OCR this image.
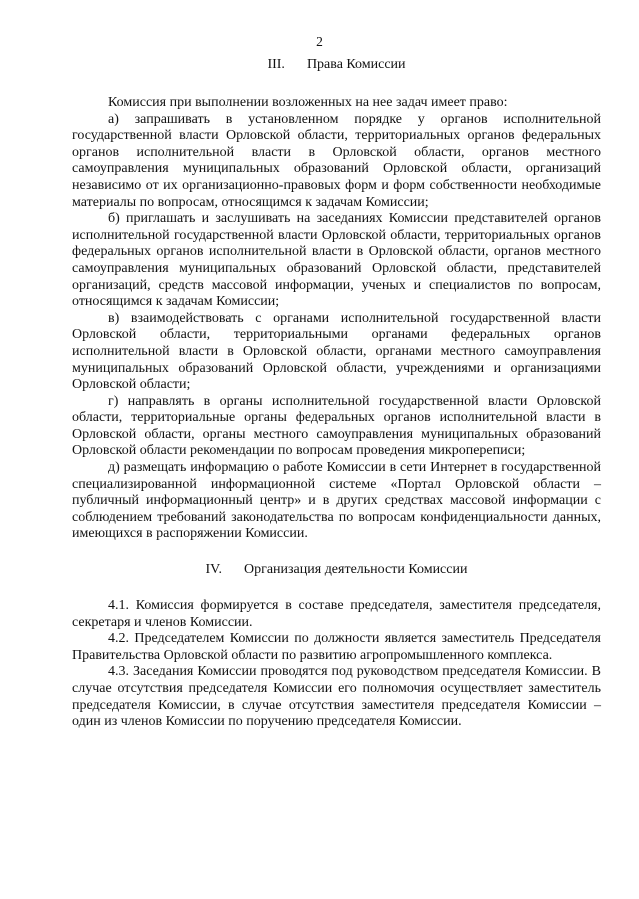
2
III. Права Комиссии

Комиссия при выполнении возложенных на нее задач имеет право:

а) запрашивать в установленном порядке у органов исполнительной государственной власти Орловской области, территориальных органов федеральных органов исполнительной власти в Орловской области, органов местного самоуправления муниципальных образований Орловской области, организаций независимо от их организационно-правовых форм и форм собственности необходимые материалы по вопросам, относящимся к задачам Комиссии;

б) приглашать и заслушивать на заседаниях Комиссии представителей органов исполнительной государственной власти Орловской области, территориальных органов федеральных органов исполнительной власти в Орловской области, органов местного самоуправления муниципальных образований Орловской области, представителей организаций, средств массовой информации, ученых и специалистов по вопросам, относящимся к задачам Комиссии;

в) взаимодействовать с органами исполнительной государственной власти Орловской области, территориальными органами федеральных органов исполнительной власти в Орловской области, органами местного самоуправления муниципальных образований Орловской области, учреждениями и организациями Орловской области;

г) направлять в органы исполнительной государственной власти Орловской области, территориальные органы федеральных органов исполнительной власти в Орловской области, органы местного самоуправления муниципальных образований Орловской области рекомендации по вопросам проведения микропереписи;

д) размещать информацию о работе Комиссии в сети Интернет в государственной специализированной информационной системе «Портал Орловской области – публичный информационный центр» и в других средствах массовой информации с соблюдением требований законодательства по вопросам конфиденциальности данных, имеющихся в распоряжении Комиссии.

IV. Организация деятельности Комиссии

4.1. Комиссия формируется в составе председателя, заместителя председателя, секретаря и членов Комиссии.

4.2. Председателем Комиссии по должности является заместитель Председателя Правительства Орловской области по развитию агропромышленного комплекса.

4.3. Заседания Комиссии проводятся под руководством председателя Комиссии. В случае отсутствия председателя Комиссии его полномочия осуществляет заместитель председателя Комиссии, в случае отсутствия заместителя председателя Комиссии – один из членов Комиссии по поручению председателя Комиссии.
